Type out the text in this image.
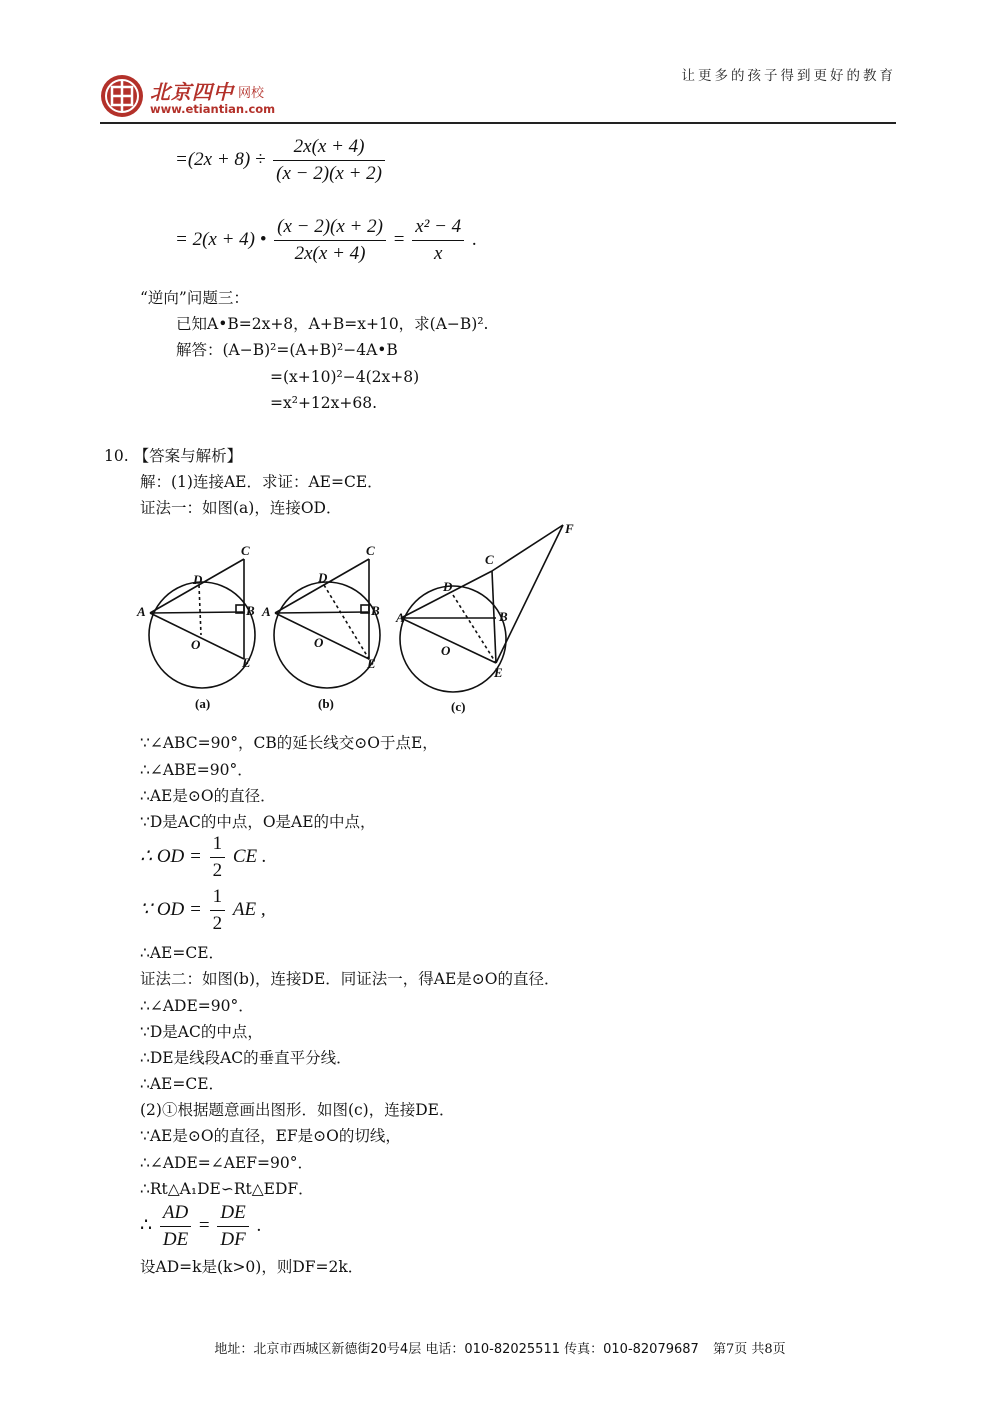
北京四中 网校
www.etiantian.com
让更多的孩子得到更好的教育
$=(2x + 8) \div \frac{2x(x + 4)}{(x - 2)(x + 2)}$
= 2(x + 4) • $\frac{(x - 2)(x + 2)}{2x(x + 4)} = \frac{\text{x² − 4}}{x}$ .
“逆向”问题三：
已知A•B=2x+8，A+B=x+10，求(A−B)².
解答：(A−B)²=(A+B)²−4A•B
=(x+10)²−4(2x+8)
=x²+12x+68.
10. 【答案与解析】
解：(1)连接AE．求证：AE=CE．
证法一：如图(a)，连接OD．
A
D
C
B
O
E
(a)
A
D
C
B
O
E
(b)
A
D
C
B
O
E
F
(c)
∵∠ABC=90°，CB的延长线交⊙O于点E，
∴∠ABE=90°．
∴AE是⊙O的直径．
∵D是AC的中点，O是AE的中点，
∴ OD = $\frac{1}{2}$ CE .
∵ OD = $\frac{1}{2}$ AE ,
∴AE=CE．
证法二：如图(b)，连接DE．同证法一，得AE是⊙O的直径．
∴∠ADE=90°．
∵D是AC的中点，
∴DE是线段AC的垂直平分线．
∴AE=CE．
(2)①根据题意画出图形．如图(c)，连接DE．
∵AE是⊙O的直径，EF是⊙O的切线，
∴∠ADE=∠AEF=90°．
∴Rt△A₁DE∽Rt△EDF．
∴ $\frac{AD}{DE} = \frac{DE}{DF}$ .
设AD=k是(k>0)，则DF=2k．
地址：北京市西城区新德街20号4层 电话：010-82025511 传真：010-82079687 第7页 共8页
